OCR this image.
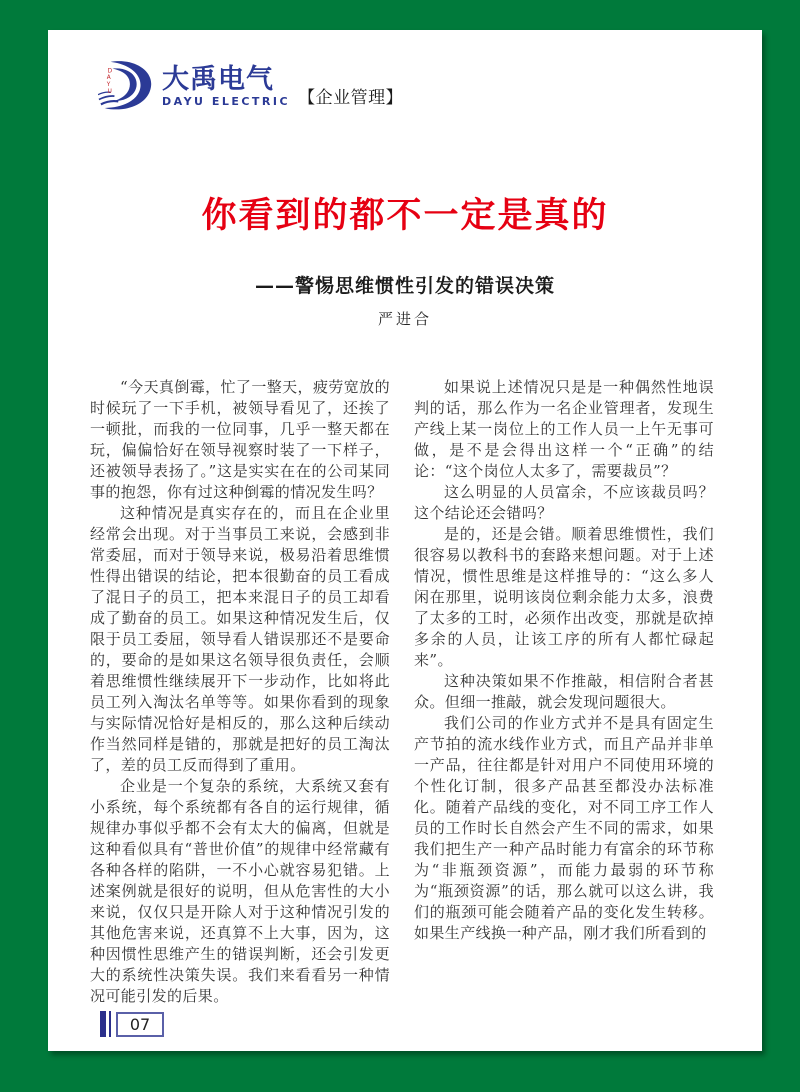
D
A
Y
U 大禹电气
DAYU ELECTRIC 【企业管理】
你看到的都不一定是真的
——警惕思维惯性引发的错误决策
严进合

“今天真倒霉，忙了一整天，疲劳宽放的时候玩了一下手机，被领导看见了，还挨了一顿批，而我的一位同事，几乎一整天都在玩，偏偏恰好在领导视察时装了一下样子，还被领导表扬了。”这是实实在在的公司某同事的抱怨，你有过这种倒霉的情况发生吗？

这种情况是真实存在的，而且在企业里经常会出现。对于当事员工来说，会感到非常委屈，而对于领导来说，极易沿着思维惯性得出错误的结论，把本很勤奋的员工看成了混日子的员工，把本来混日子的员工却看成了勤奋的员工。如果这种情况发生后，仅限于员工委屈，领导看人错误那还不是要命的，要命的是如果这名领导很负责任，会顺着思维惯性继续展开下一步动作，比如将此员工列入淘汰名单等等。如果你看到的现象与实际情况恰好是相反的，那么这种后续动作当然同样是错的，那就是把好的员工淘汰了，差的员工反而得到了重用。

企业是一个复杂的系统，大系统又套有小系统，每个系统都有各自的运行规律，循规律办事似乎都不会有太大的偏离，但就是这种看似具有“普世价值”的规律中经常藏有各种各样的陷阱，一不小心就容易犯错。上述案例就是很好的说明，但从危害性的大小来说，仅仅只是开除人对于这种情况引发的其他危害来说，还真算不上大事，因为，这种因惯性思维产生的错误判断，还会引发更大的系统性决策失误。我们来看看另一种情况可能引发的后果。

如果说上述情况只是是一种偶然性地误判的话，那么作为一名企业管理者，发现生产线上某一岗位上的工作人员一上午无事可做，是不是会得出这样一个“正确”的结论：“这个岗位人太多了，需要裁员”？

这么明显的人员富余，不应该裁员吗？这个结论还会错吗？

是的，还是会错。顺着思维惯性，我们很容易以教科书的套路来想问题。对于上述情况，惯性思维是这样推导的：“这么多人闲在那里，说明该岗位剩余能力太多，浪费了太多的工时，必须作出改变，那就是砍掉多余的人员，让该工序的所有人都忙碌起来”。

这种决策如果不作推敲，相信附合者甚众。但细一推敲，就会发现问题很大。

我们公司的作业方式并不是具有固定生产节拍的流水线作业方式，而且产品并非单一产品，往往都是针对用户不同使用环境的个性化订制，很多产品甚至都没办法标准化。随着产品线的变化，对不同工序工作人员的工作时长自然会产生不同的需求，如果我们把生产一种产品时能力有富余的环节称为“非瓶颈资源”，而能力最弱的环节称为“瓶颈资源”的话，那么就可以这么讲，我们的瓶颈可能会随着产品的变化发生转移。如果生产线换一种产品，刚才我们所看到的

07
